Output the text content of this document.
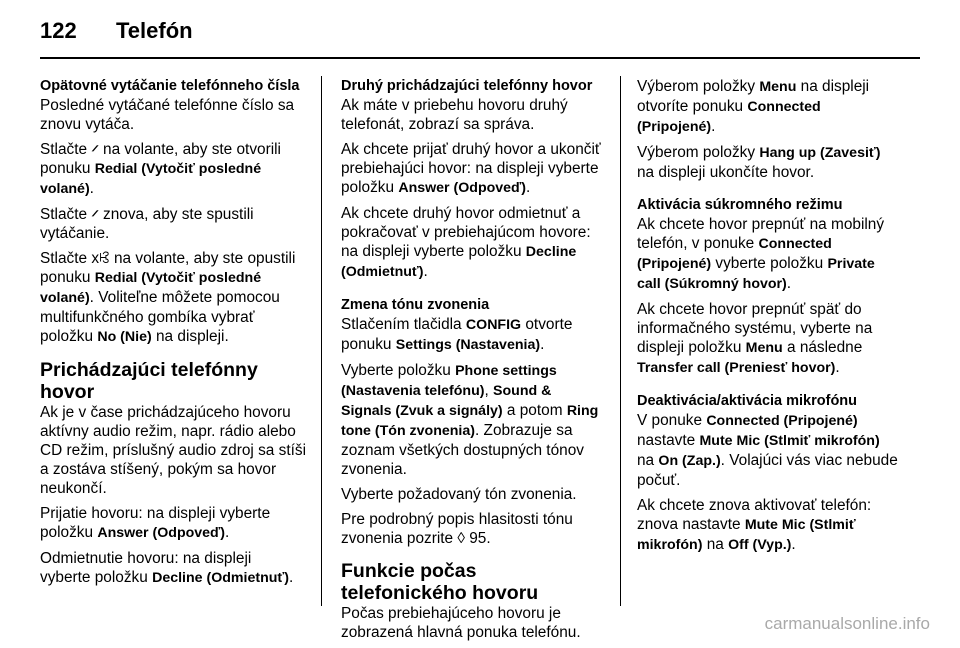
122 Telefón

Opätovné vytáčanie telefónneho čísla

Posledné vytáčané telefónne číslo sa znovu vytáča.

Stlačte 𝄍 na volante, aby ste otvorili ponuku Redial (Vytočiť posledné volané).

Stlačte 𝄍 znova, aby ste spustili vytáčanie.

Stlačte xꕙ na volante, aby ste opustili ponuku Redial (Vytočiť posledné volané). Voliteľne môžete pomocou multifunkčného gombíka vybrať položku No (Nie) na displeji.

Prichádzajúci telefónny hovor

Ak je v čase prichádzajúceho hovoru aktívny audio režim, napr. rádio alebo CD režim, príslušný audio zdroj sa stíši a zostáva stíšený, pokým sa hovor neukončí.

Prijatie hovoru: na displeji vyberte položku Answer (Odpoveď).

Odmietnutie hovoru: na displeji vyberte položku Decline (Odmietnuť).

Druhý prichádzajúci telefónny hovor

Ak máte v priebehu hovoru druhý telefonát, zobrazí sa správa.

Ak chcete prijať druhý hovor a ukončiť prebiehajúci hovor: na displeji vyberte položku Answer (Odpoveď).

Ak chcete druhý hovor odmietnuť a pokračovať v prebiehajúcom hovore: na displeji vyberte položku Decline (Odmietnuť).

Zmena tónu zvonenia

Stlačením tlačidla CONFIG otvorte ponuku Settings (Nastavenia).

Vyberte položku Phone settings (Nastavenia telefónu), Sound & Signals (Zvuk a signály) a potom Ring tone (Tón zvonenia). Zobrazuje sa zoznam všetkých dostupných tónov zvonenia.

Vyberte požadovaný tón zvonenia.

Pre podrobný popis hlasitosti tónu zvonenia pozrite ◊ 95.

Funkcie počas telefonického hovoru

Počas prebiehajúceho hovoru je zobrazená hlavná ponuka telefónu.

Výberom položky Menu na displeji otvoríte ponuku Connected (Pripojené).

Výberom položky Hang up (Zavesiť) na displeji ukončíte hovor.

Aktivácia súkromného režimu

Ak chcete hovor prepnúť na mobilný telefón, v ponuke Connected (Pripojené) vyberte položku Private call (Súkromný hovor).

Ak chcete hovor prepnúť späť do informačného systému, vyberte na displeji položku Menu a následne Transfer call (Preniesť hovor).

Deaktivácia/aktivácia mikrofónu

V ponuke Connected (Pripojené) nastavte Mute Mic (Stlmiť mikrofón) na On (Zap.). Volajúci vás viac nebude počuť.

Ak chcete znova aktivovať telefón: znova nastavte Mute Mic (Stlmiť mikrofón) na Off (Vyp.).

carmanualsonline.info
